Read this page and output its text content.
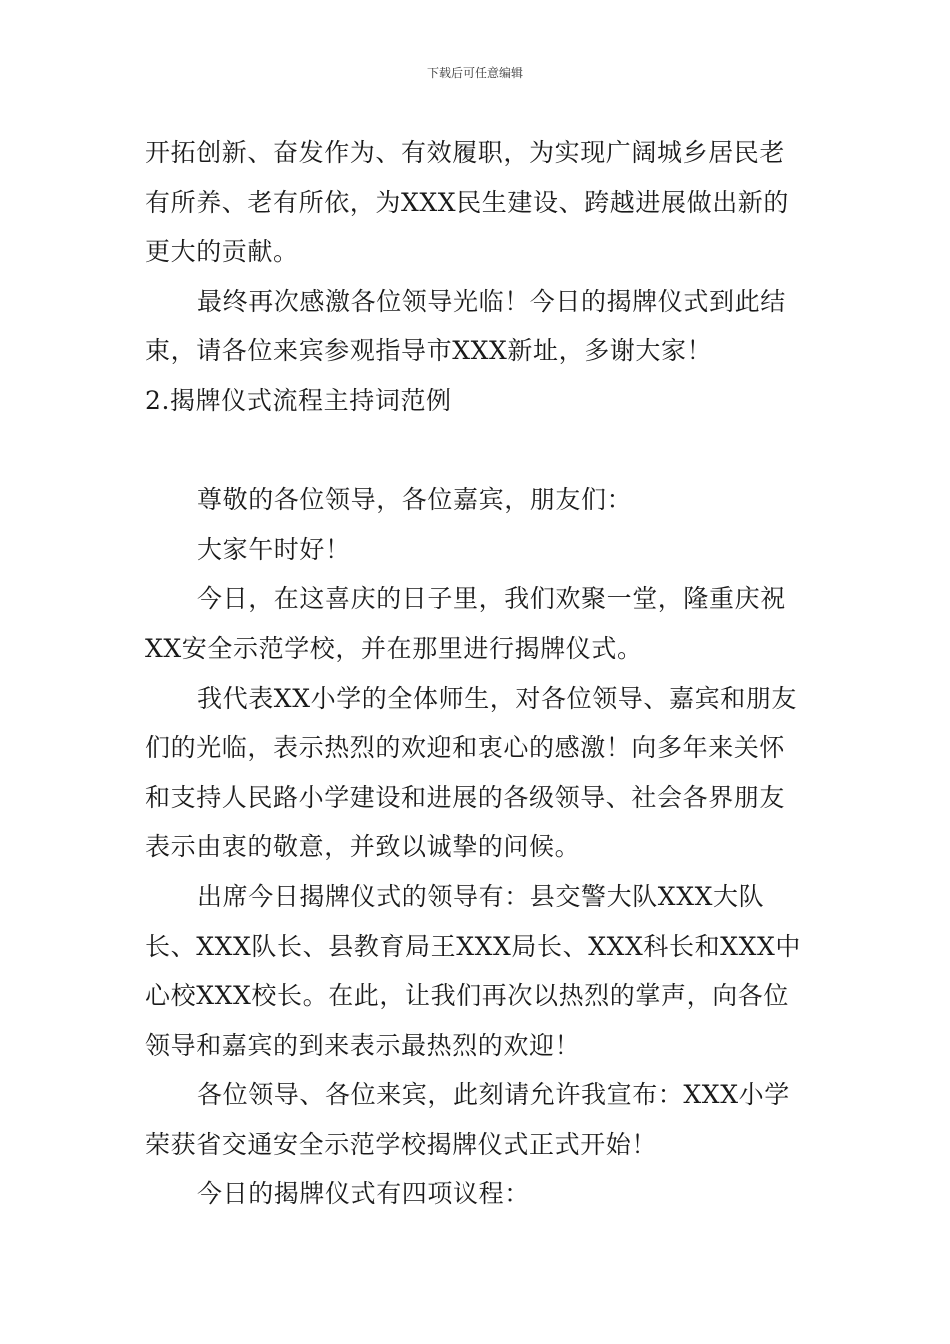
下载后可任意编辑

开拓创新、奋发作为、有效履职，为实现广阔城乡居民老有所养、老有所依，为XXX民生建设、跨越进展做出新的更大的贡献。

最终再次感激各位领导光临！今日的揭牌仪式到此结束，请各位来宾参观指导市XXX新址，多谢大家！

2.揭牌仪式流程主持词范例

尊敬的各位领导，各位嘉宾，朋友们：

大家午时好！

今日，在这喜庆的日子里，我们欢聚一堂，隆重庆祝XX安全示范学校，并在那里进行揭牌仪式。

我代表XX小学的全体师生，对各位领导、嘉宾和朋友们的光临，表示热烈的欢迎和衷心的感激！向多年来关怀和支持人民路小学建设和进展的各级领导、社会各界朋友表示由衷的敬意，并致以诚挚的问候。

出席今日揭牌仪式的领导有：县交警大队XXX大队长、XXX队长、县教育局王XXX局长、XXX科长和XXX中心校XXX校长。在此，让我们再次以热烈的掌声，向各位领导和嘉宾的到来表示最热烈的欢迎！

各位领导、各位来宾，此刻请允许我宣布：XXX小学荣获省交通安全示范学校揭牌仪式正式开始！

今日的揭牌仪式有四项议程：
